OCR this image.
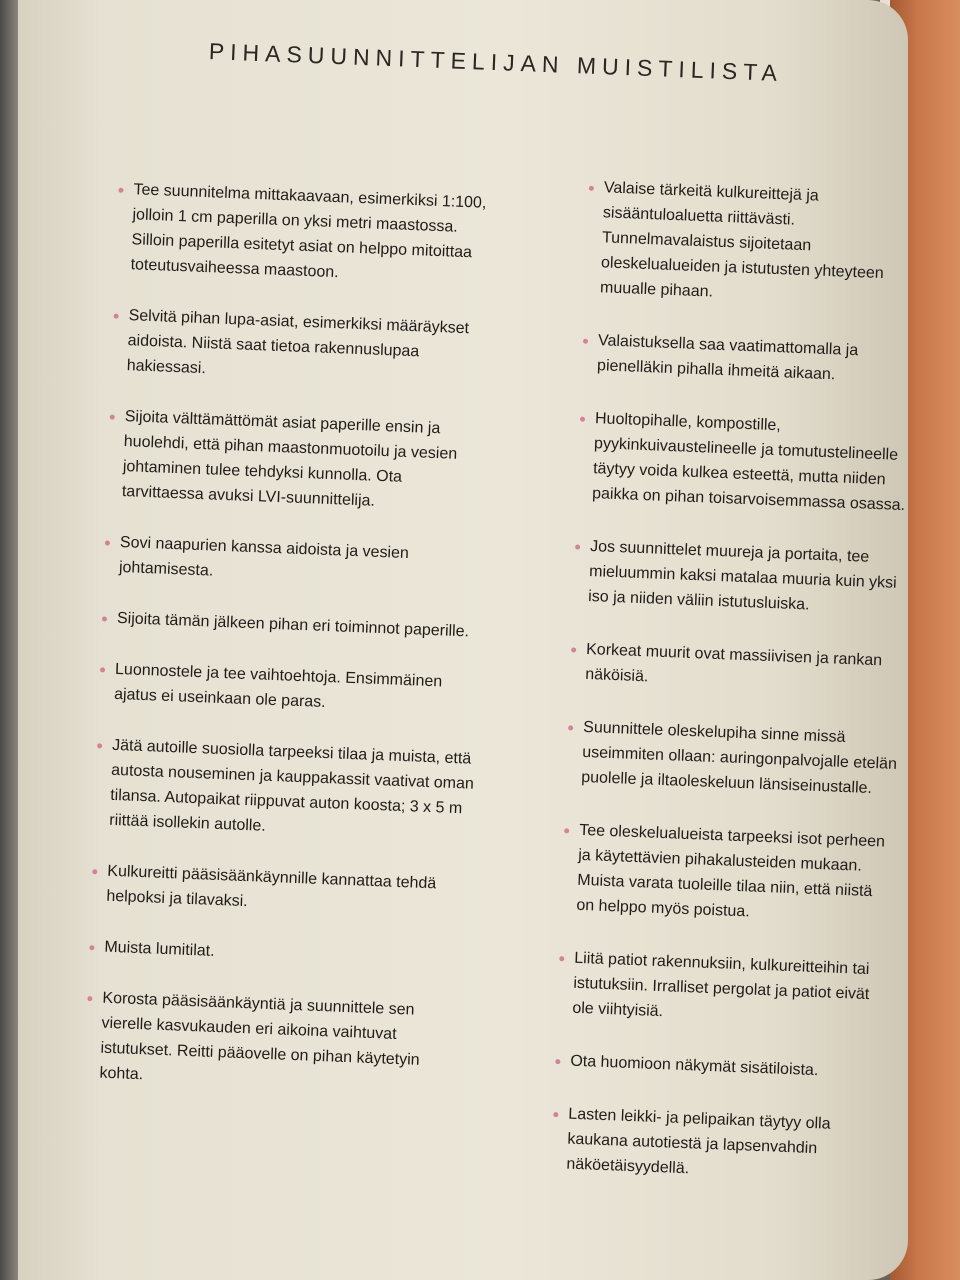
PIHASUUNNITTELIJAN MUISTILISTA
Tee suunnitelma mittakaavaan, esimerkiksi 1:100, jolloin 1 cm paperilla on yksi metri maastossa. Silloin paperilla esitetyt asiat on helppo mitoittaa toteutusvaiheessa maastoon.
Selvitä pihan lupa-asiat, esimerkiksi määräykset aidoista. Niistä saat tietoa rakennuslupaa hakiessasi.
Sijoita välttämättömät asiat paperille ensin ja huolehdi, että pihan maastonmuotoilu ja vesien johtaminen tulee tehdyksi kunnolla. Ota tarvittaessa avuksi LVI-suunnittelija.
Sovi naapurien kanssa aidoista ja vesien johtamisesta.
Sijoita tämän jälkeen pihan eri toiminnot paperille.
Luonnostele ja tee vaihtoehtoja. Ensimmäinen ajatus ei useinkaan ole paras.
Jätä autoille suosiolla tarpeeksi tilaa ja muista, että autosta nouseminen ja kauppakassit vaativat oman tilansa. Autopaikat riippuvat auton koosta; 3 x 5 m riittää isollekin autolle.
Kulkureitti pääsisäänkäynnille kannattaa tehdä helpoksi ja tilavaksi.
Muista lumitilat.
Korosta pääsisäänkäyntiä ja suunnittele sen vierelle kasvukauden eri aikoina vaihtuvat istutukset. Reitti pääovelle on pihan käytetyin kohta.
Valaise tärkeitä kulkureittejä ja sisääntuloaluetta riittävästi. Tunnelmavalaistus sijoitetaan oleskelualueiden ja istutusten yhteyteen muualle pihaan.
Valaistuksella saa vaatimattomalla ja pienelläkin pihalla ihmeitä aikaan.
Huoltopihalle, kompostille, pyykinkuivaustelineelle ja tomutustelineelle täytyy voida kulkea esteettä, mutta niiden paikka on pihan toisarvoisemmassa osassa.
Jos suunnittelet muureja ja portaita, tee mieluummin kaksi matalaa muuria kuin yksi iso ja niiden väliin istutusluiska.
Korkeat muurit ovat massiivisen ja rankan näköisiä.
Suunnittele oleskelupiha sinne missä useimmiten ollaan: auringonpalvojalle etelän puolelle ja iltaoleskeluun länsiseinustalle.
Tee oleskelualueista tarpeeksi isot perheen ja käytettävien pihakalusteiden mukaan. Muista varata tuoleille tilaa niin, että niistä on helppo myös poistua.
Liitä patiot rakennuksiin, kulkureitteihin tai istutuksiin. Irralliset pergolat ja patiot eivät ole viihtyisiä.
Ota huomioon näkymät sisätiloista.
Lasten leikki- ja pelipaikan täytyy olla kaukana autotiestä ja lapsenvahdin näköetäisyydellä.
